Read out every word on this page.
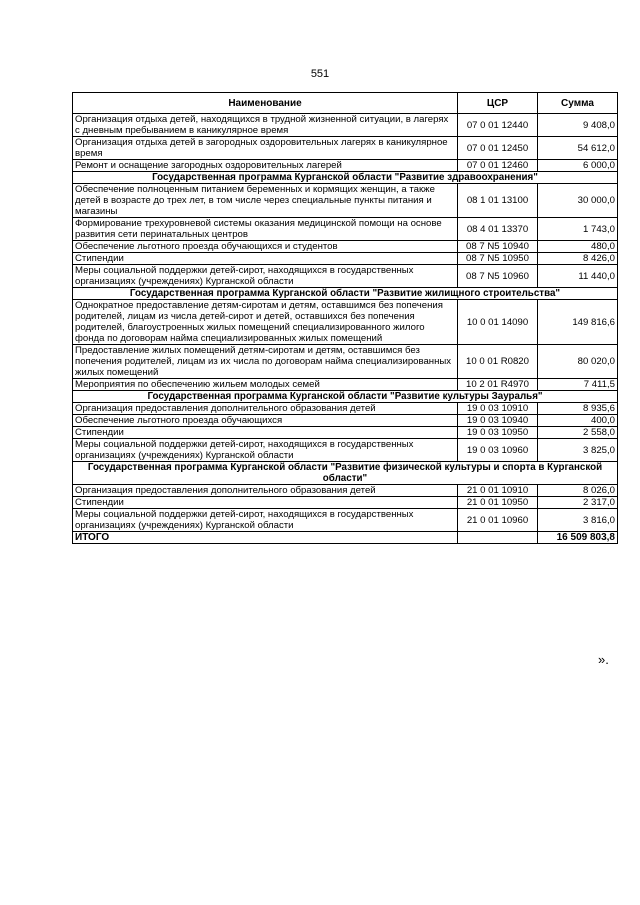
551
Наименование	ЦСР	Сумма
Организация отдыха детей, находящихся в трудной жизненной ситуации, в лагерях с дневным пребыванием в каникулярное время	07 0 01 12440	9 408,0
Организация отдыха детей в загородных оздоровительных лагерях в каникулярное время	07 0 01 12450	54 612,0
Ремонт и оснащение загородных оздоровительных лагерей	07 0 01 12460	6 000,0
Государственная программа Курганской области "Развитие здравоохранения"		
Обеспечение полноценным питанием беременных и кормящих женщин, а также детей в возрасте до трех лет, в том числе через специальные пункты питания и магазины	08 1 01 13100	30 000,0
Формирование трехуровневой системы оказания медицинской помощи на основе развития сети перинатальных центров	08 4 01 13370	1 743,0
Обеспечение льготного проезда обучающихся и студентов	08 7 N5 10940	480,0
Стипендии	08 7 N5 10950	8 426,0
Меры социальной поддержки детей-сирот, находящихся в государственных организациях (учреждениях) Курганской области	08 7 N5 10960	11 440,0
Государственная программа Курганской области "Развитие жилищного строительства"		
Однократное предоставление детям-сиротам и детям, оставшимся без попечения родителей, лицам из числа детей-сирот и детей, оставшихся без попечения родителей, благоустроенных жилых помещений специализированного жилого фонда по договорам найма специализированных жилых помещений	10 0 01 14090	149 816,6
Предоставление жилых помещений детям-сиротам и детям, оставшимся без попечения родителей, лицам из их числа по договорам найма специализированных жилых помещений	10 0 01 R0820	80 020,0
Мероприятия по обеспечению жильем молодых семей	10 2 01 R4970	7 411,5
Государственная программа Курганской области "Развитие культуры Зауралья"		
Организация предоставления дополнительного образования детей	19 0 03 10910	8 935,6
Обеспечение льготного проезда обучающихся	19 0 03 10940	400,0
Стипендии	19 0 03 10950	2 558,0
Меры социальной поддержки детей-сирот, находящихся в государственных организациях (учреждениях) Курганской области	19 0 03 10960	3 825,0
Государственная программа Курганской области "Развитие физической культуры и спорта в Курганской области"		
Организация предоставления дополнительного образования детей	21 0 01 10910	8 026,0
Стипендии	21 0 01 10950	2 317,0
Меры социальной поддержки детей-сирот, находящихся в государственных организациях (учреждениях) Курганской области	21 0 01 10960	3 816,0
ИТОГО		16 509 803,8
».
